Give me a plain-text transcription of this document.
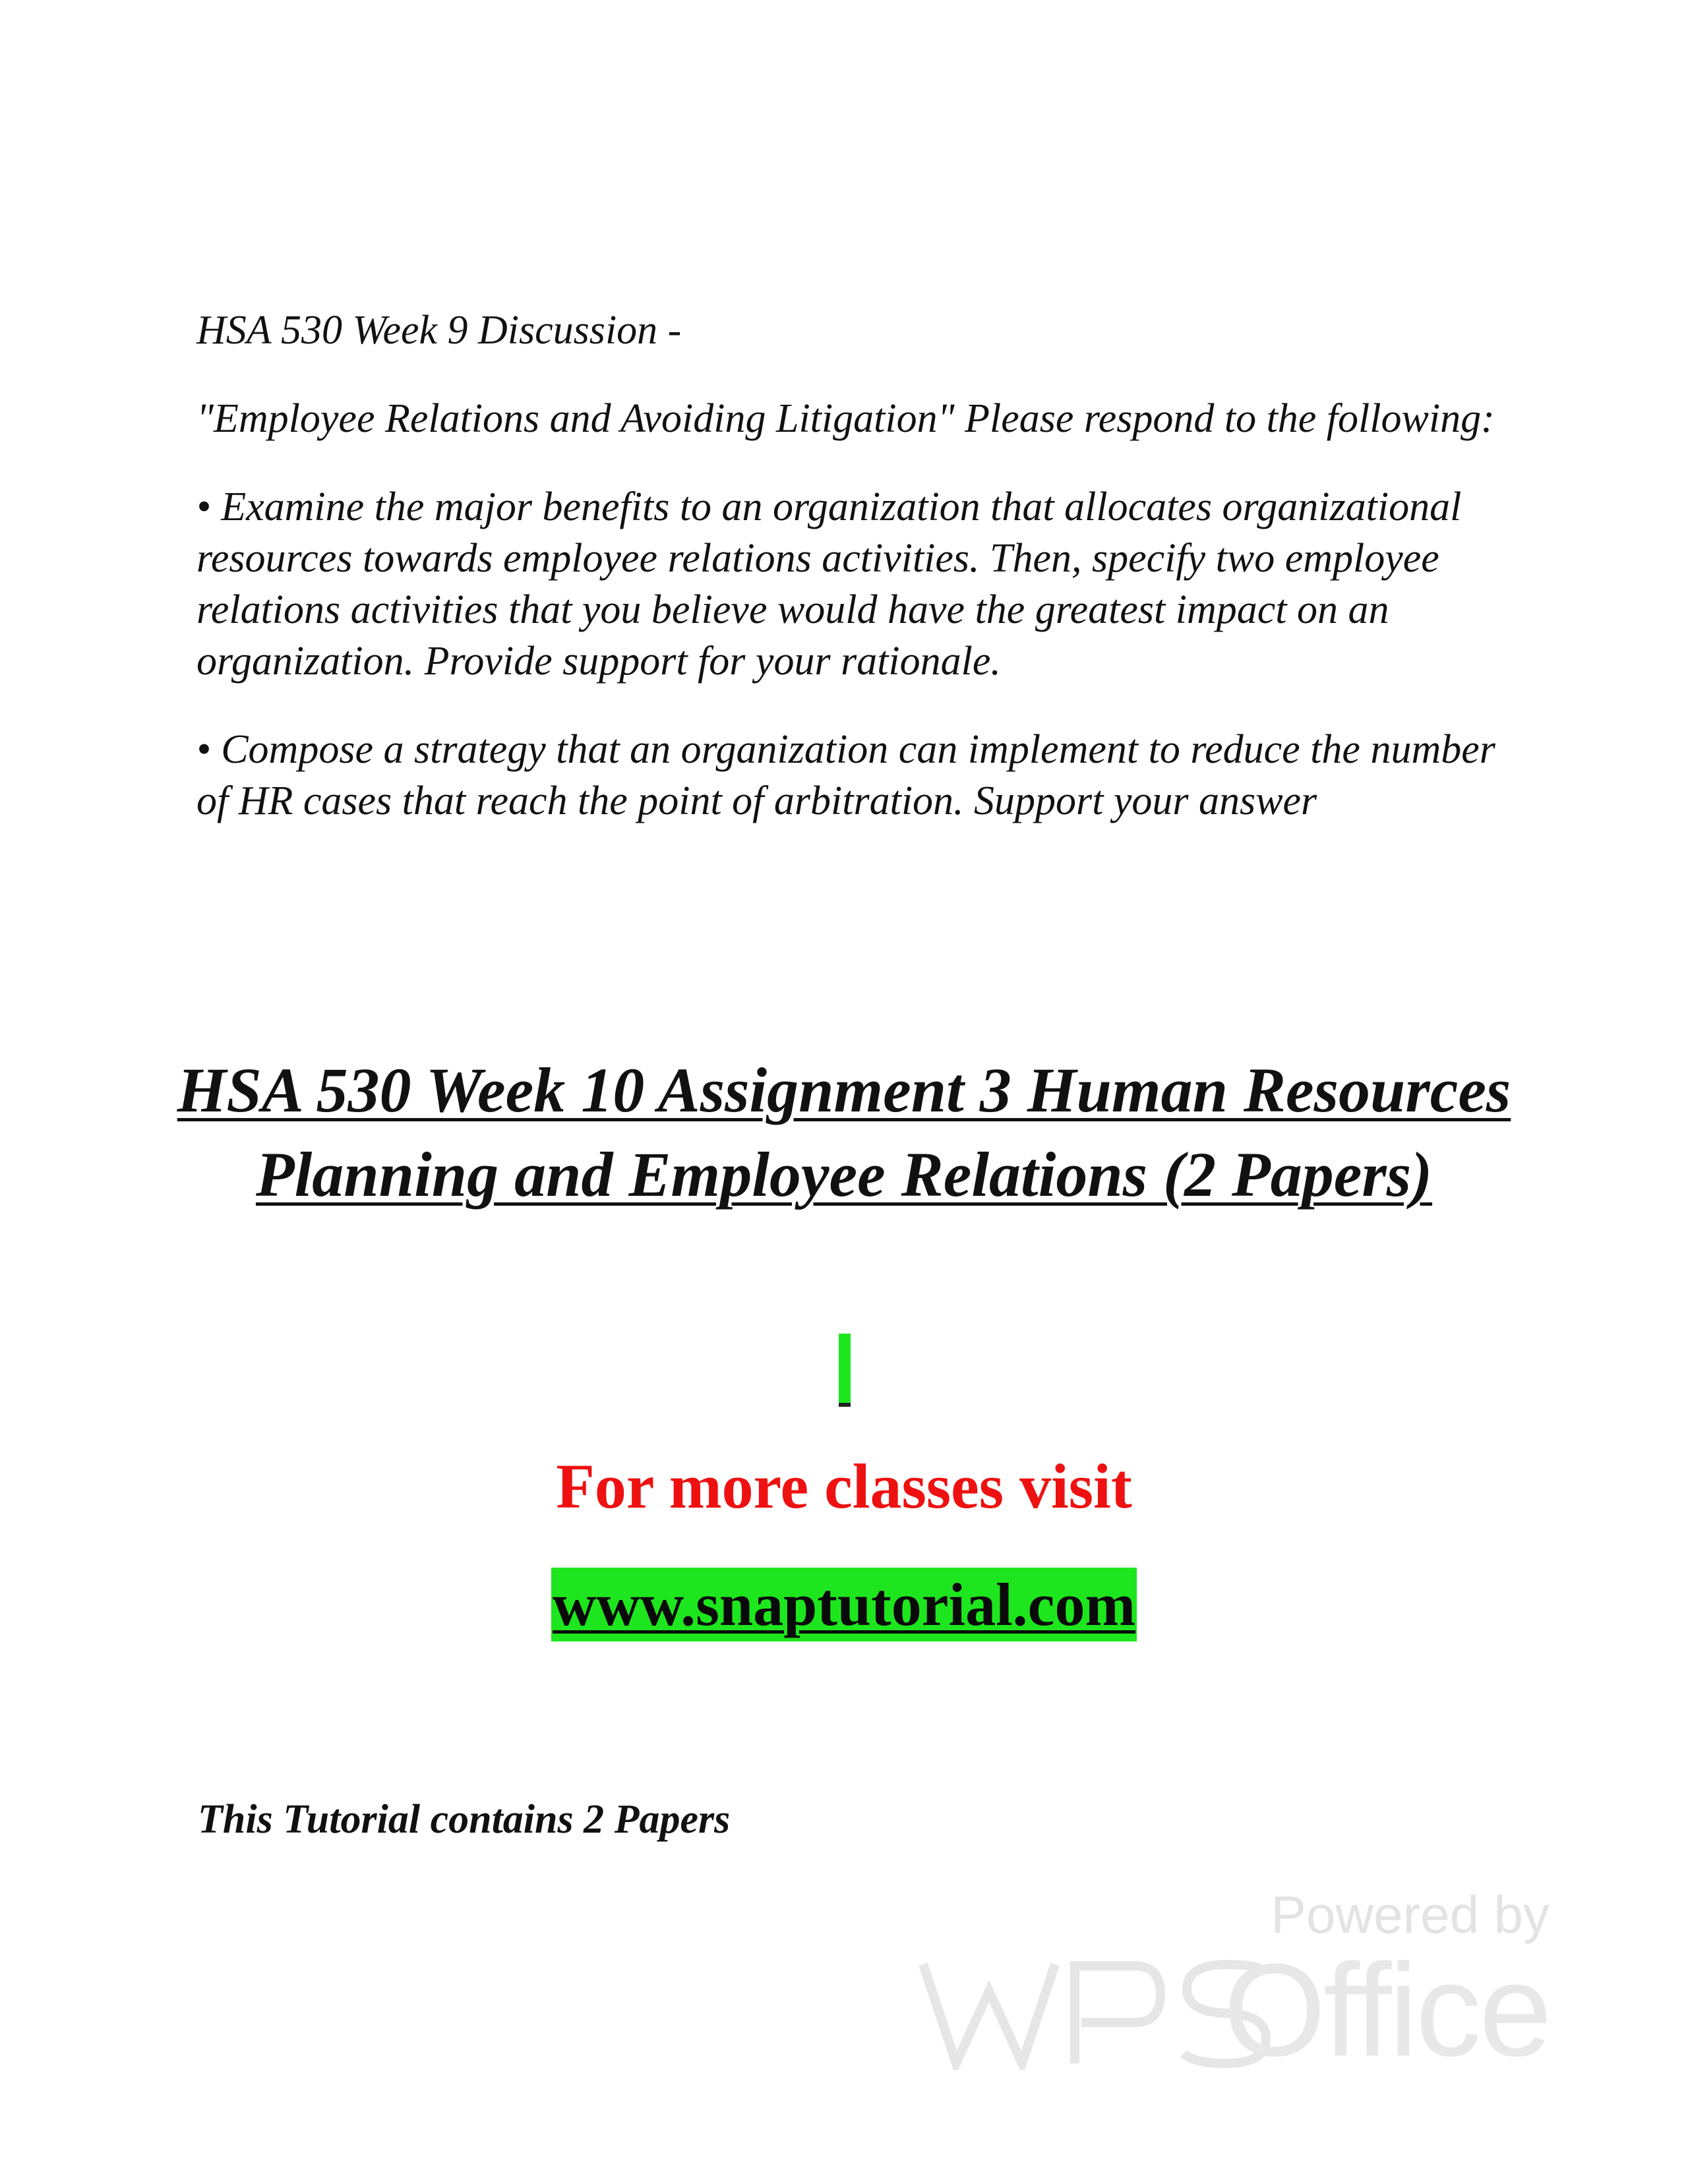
HSA 530 Week 9 Discussion -

"Employee Relations and Avoiding Litigation" Please respond to the following:

• Examine the major benefits to an organization that allocates organizational resources towards employee relations activities. Then, specify two employee relations activities that you believe would have the greatest impact on an organization. Provide support for your rationale.

• Compose a strategy that an organization can implement to reduce the number of HR cases that reach the point of arbitration. Support your answer

HSA 530 Week 10 Assignment 3 Human Resources Planning and Employee Relations (2 Papers)

For more classes visit

www.snaptutorial.com

This Tutorial contains 2 Papers

Powered by
Office
